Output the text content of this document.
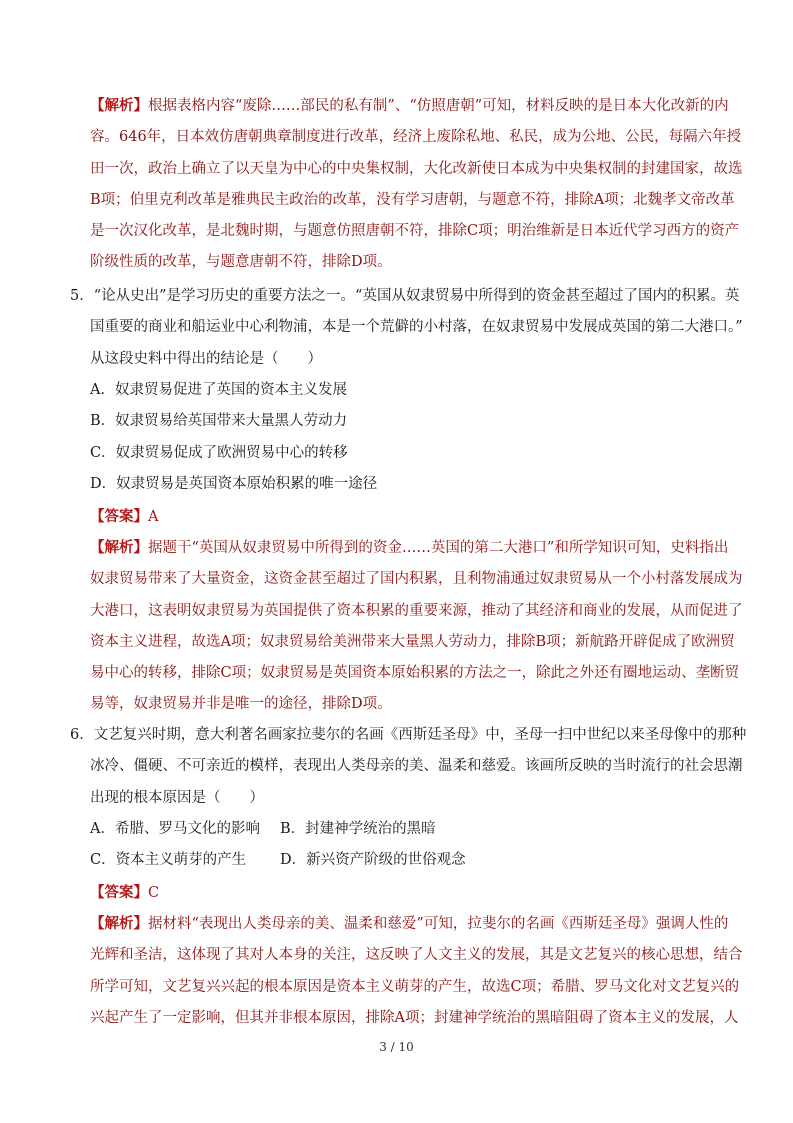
【解析】根据表格内容“废除……部民的私有制”、“仿照唐朝”可知，材料反映的是日本大化改新的内
容。646年，日本效仿唐朝典章制度进行改革，经济上废除私地、私民，成为公地、公民，每隔六年授
田一次，政治上确立了以天皇为中心的中央集权制，大化改新使日本成为中央集权制的封建国家，故选
B项；伯里克利改革是雅典民主政治的改革，没有学习唐朝，与题意不符，排除A项；北魏孝文帝改革
是一次汉化改革，是北魏时期，与题意仿照唐朝不符，排除C项；明治维新是日本近代学习西方的资产
阶级性质的改革，与题意唐朝不符，排除D项。
5．“论从史出”是学习历史的重要方法之一。“英国从奴隶贸易中所得到的资金甚至超过了国内的积累。英
国重要的商业和船运业中心利物浦，本是一个荒僻的小村落，在奴隶贸易中发展成英国的第二大港口。”
从这段史料中得出的结论是（　　）
A．奴隶贸易促进了英国的资本主义发展
B．奴隶贸易给英国带来大量黑人劳动力
C．奴隶贸易促成了欧洲贸易中心的转移
D．奴隶贸易是英国资本原始积累的唯一途径
【答案】A
【解析】据题干“英国从奴隶贸易中所得到的资金……英国的第二大港口”和所学知识可知，史料指出
奴隶贸易带来了大量资金，这资金甚至超过了国内积累，且利物浦通过奴隶贸易从一个小村落发展成为
大港口，这表明奴隶贸易为英国提供了资本积累的重要来源，推动了其经济和商业的发展，从而促进了
资本主义进程，故选A项；奴隶贸易给美洲带来大量黑人劳动力，排除B项；新航路开辟促成了欧洲贸
易中心的转移，排除C项；奴隶贸易是英国资本原始积累的方法之一，除此之外还有圈地运动、垄断贸
易等，奴隶贸易并非是唯一的途径，排除D项。
6．文艺复兴时期，意大利著名画家拉斐尔的名画《西斯廷圣母》中，圣母一扫中世纪以来圣母像中的那种
冰冷、僵硬、不可亲近的模样，表现出人类母亲的美、温柔和慈爱。该画所反映的当时流行的社会思潮
出现的根本原因是（　　）
A．希腊、罗马文化的影响 B．封建神学统治的黑暗
C．资本主义萌芽的产生 D．新兴资产阶级的世俗观念
【答案】C
【解析】据材料“表现出人类母亲的美、温柔和慈爱”可知，拉斐尔的名画《西斯廷圣母》强调人性的
光辉和圣洁，这体现了其对人本身的关注，这反映了人文主义的发展，其是文艺复兴的核心思想，结合
所学可知，文艺复兴兴起的根本原因是资本主义萌芽的产生，故选C项；希腊、罗马文化对文艺复兴的
兴起产生了一定影响，但其并非根本原因，排除A项；封建神学统治的黑暗阻碍了资本主义的发展，人
3 / 10
